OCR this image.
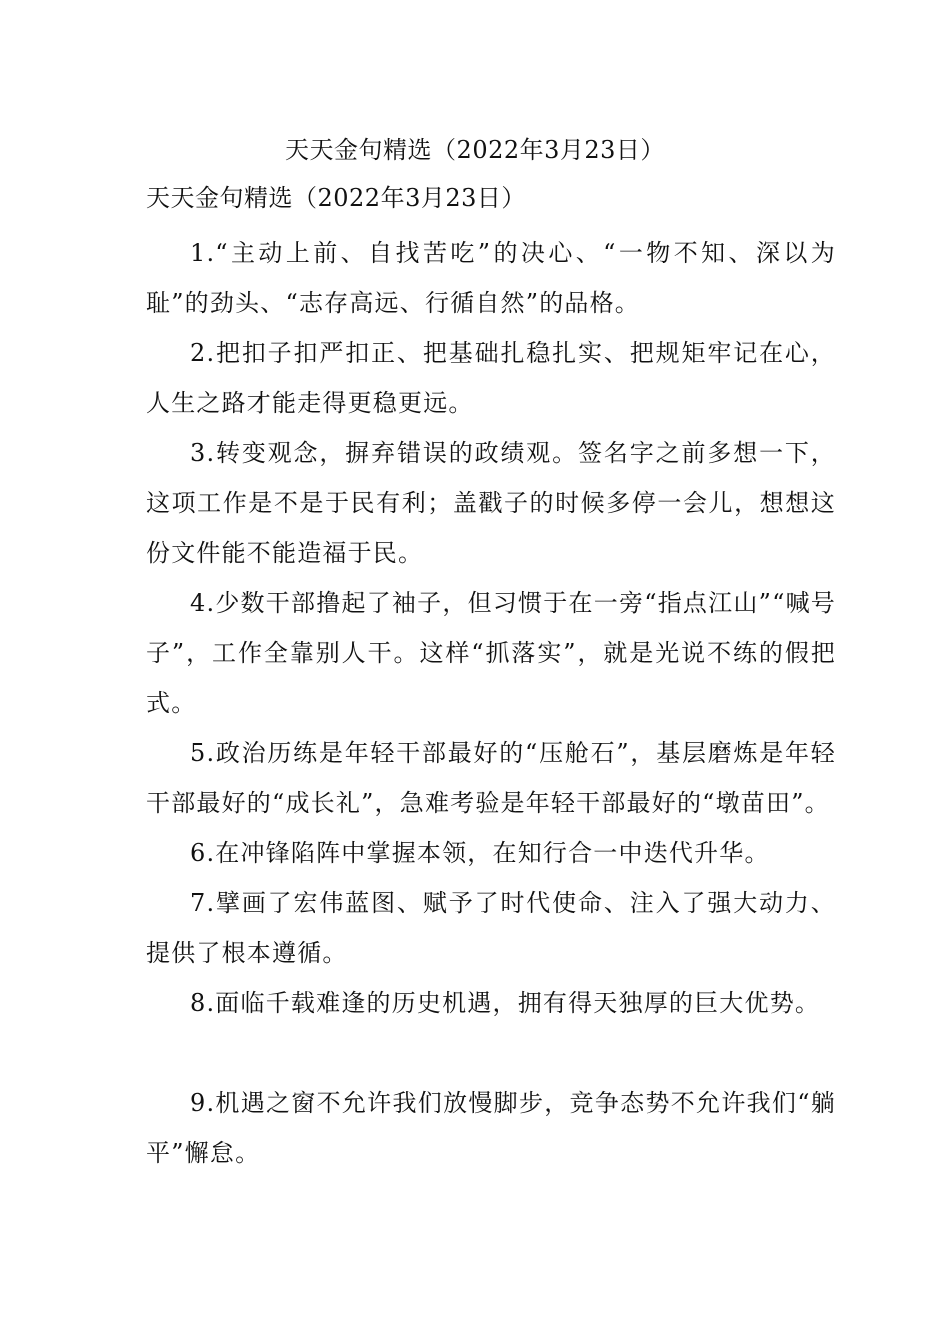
天天金句精选（2022年3月23日）
天天金句精选（2022年3月23日）

1.“主动上前、自找苦吃”的决心、“一物不知、深以为耻”的劲头、“志存高远、行循自然”的品格。

2.把扣子扣严扣正、把基础扎稳扎实、把规矩牢记在心，人生之路才能走得更稳更远。

3.转变观念，摒弃错误的政绩观。签名字之前多想一下，这项工作是不是于民有利；盖戳子的时候多停一会儿，想想这份文件能不能造福于民。

4.少数干部撸起了袖子，但习惯于在一旁“指点江山”“喊号子”，工作全靠别人干。这样“抓落实”，就是光说不练的假把式。

5.政治历练是年轻干部最好的“压舱石”，基层磨炼是年轻干部最好的“成长礼”，急难考验是年轻干部最好的“墩苗田”。

6.在冲锋陷阵中掌握本领，在知行合一中迭代升华。

7.擘画了宏伟蓝图、赋予了时代使命、注入了强大动力、提供了根本遵循。

8.面临千载难逢的历史机遇，拥有得天独厚的巨大优势。

9.机遇之窗不允许我们放慢脚步，竞争态势不允许我们“躺平”懈怠。
